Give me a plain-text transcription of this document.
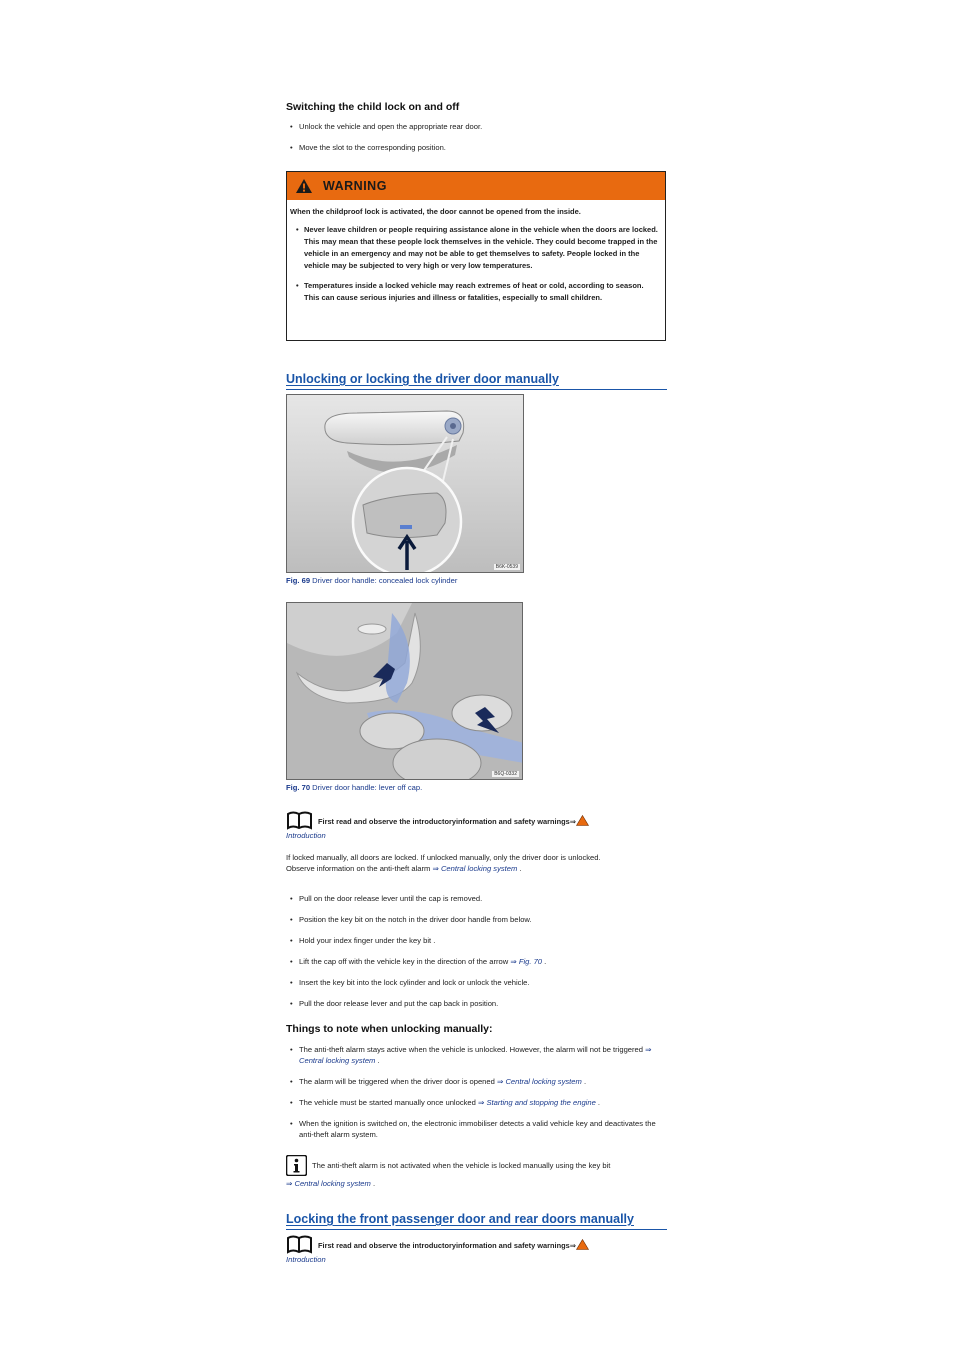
Switching the child lock on and off
• Unlock the vehicle and open the appropriate rear door.
• Move the slot to the corresponding position.
WARNING
When the childproof lock is activated, the door cannot be opened from the inside.
• Never leave children or people requiring assistance alone in the vehicle when the doors are locked. This may mean that these people lock themselves in the vehicle. They could become trapped in the vehicle in an emergency and may not be able to get themselves to safety. People locked in the vehicle may be subjected to very high or very low temperatures.
• Temperatures inside a locked vehicle may reach extremes of heat or cold, according to season. This can cause serious injuries and illness or fatalities, especially to small children.
Unlocking or locking the driver door manually
B6K-0539
Fig. 69 Driver door handle: concealed lock cylinder
B6Q-0332
Fig. 70 Driver door handle: lever off cap.
First read and observe the introductoryinformation and safety warnings⇒
Introduction
If locked manually, all doors are locked. If unlocked manually, only the driver door is unlocked.
Observe information on the anti-theft alarm ⇒ Central locking system .
• Pull on the door release lever until the cap is removed.
• Position the key bit on the notch in the driver door handle from below.
• Hold your index finger under the key bit .
• Lift the cap off with the vehicle key in the direction of the arrow ⇒ Fig. 70 .
• Insert the key bit into the lock cylinder and lock or unlock the vehicle.
• Pull the door release lever and put the cap back in position.
Things to note when unlocking manually:
• The anti-theft alarm stays active when the vehicle is unlocked. However, the alarm will not be triggered ⇒ Central locking system .
• The alarm will be triggered when the driver door is opened ⇒ Central locking system .
• The vehicle must be started manually once unlocked ⇒ Starting and stopping the engine .
• When the ignition is switched on, the electronic immobiliser detects a valid vehicle key and deactivates the anti-theft alarm system.
The anti-theft alarm is not activated when the vehicle is locked manually using the key bit
⇒ Central locking system .
Locking the front passenger door and rear doors manually
First read and observe the introductoryinformation and safety warnings⇒
Introduction
